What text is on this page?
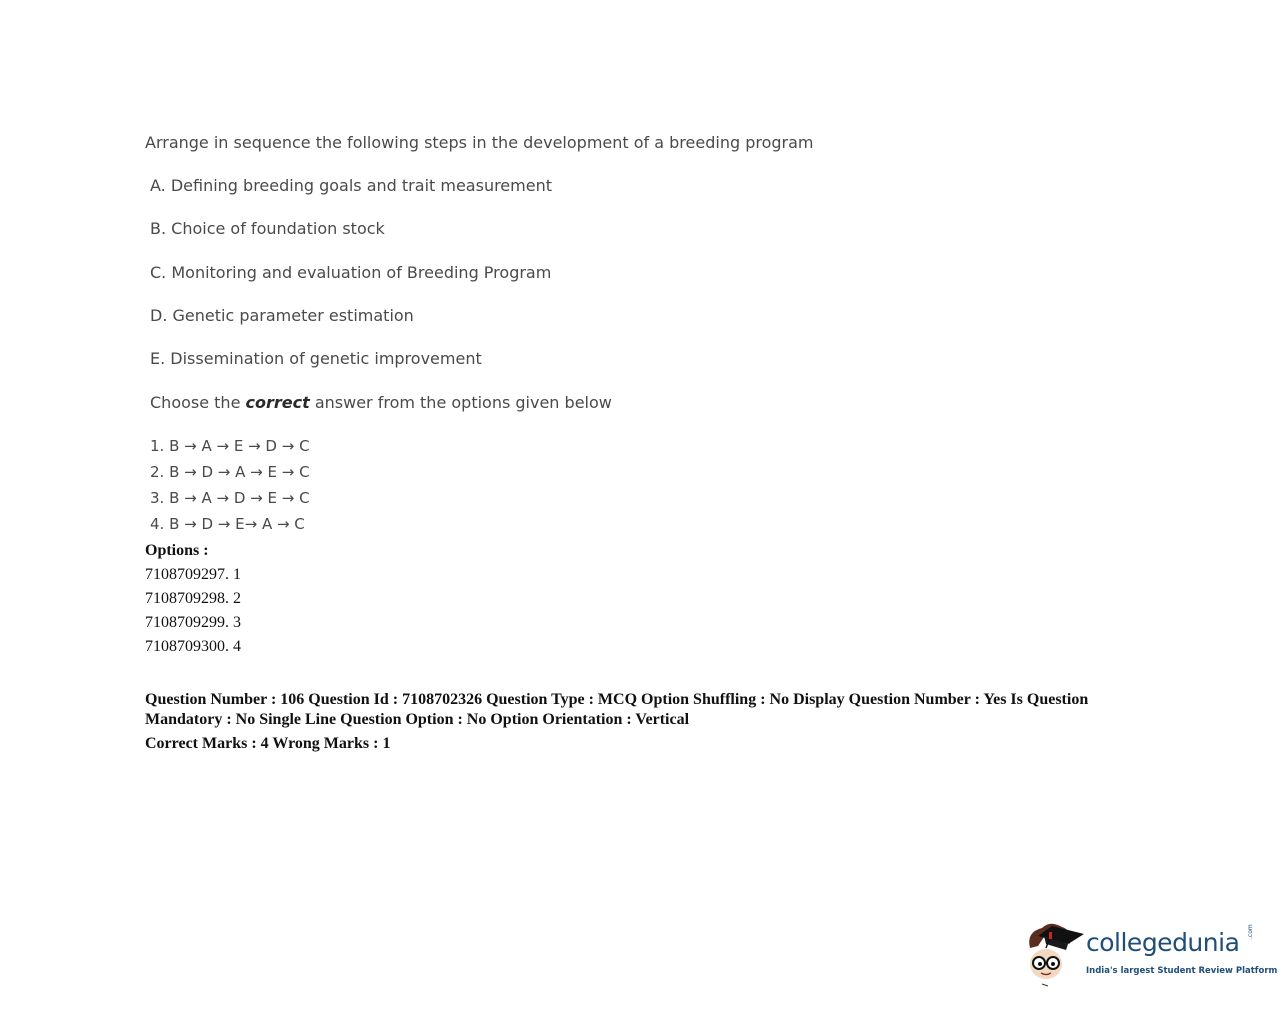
Arrange in sequence the following steps in the development of a breeding program
A. Defining breeding goals and trait measurement
B. Choice of foundation stock
C. Monitoring and evaluation of Breeding Program
D. Genetic parameter estimation
E. Dissemination of genetic improvement
Choose the correct answer from the options given below
1. B → A → E → D → C
2. B → D → A → E → C
3. B → A → D → E → C
4. B → D → E→ A → C
Options :
7108709297. 1
7108709298. 2
7108709299. 3
7108709300. 4
Question Number : 106 Question Id : 7108702326 Question Type : MCQ Option Shuffling : No Display Question Number : Yes Is Question Mandatory : No Single Line Question Option : No Option Orientation : Vertical
Correct Marks : 4 Wrong Marks : 1
collegedunia .com
India's largest Student Review Platform
